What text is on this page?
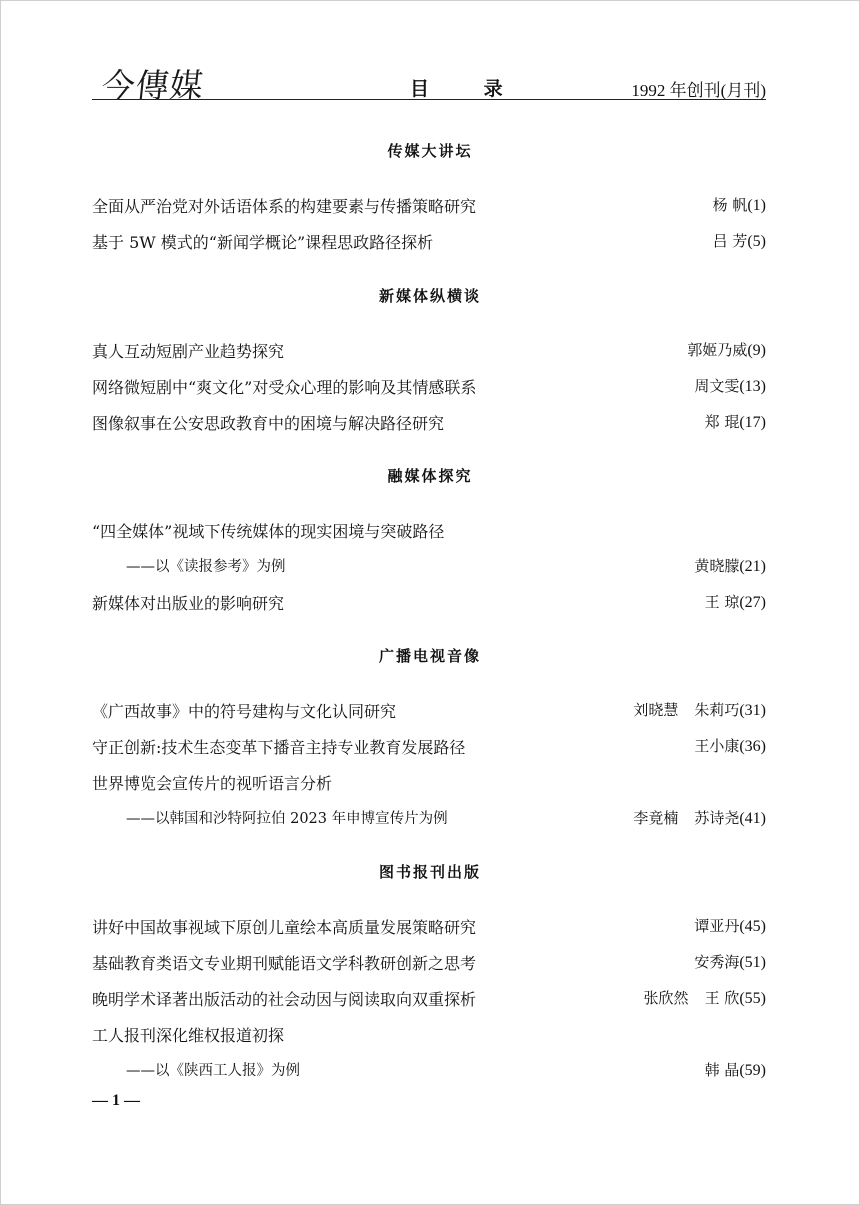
今傳媒	目 录	1992 年创刊(月刊)
传媒大讲坛
全面从严治党对外话语体系的构建要素与传播策略研究	杨 帆(1)
基于 5W 模式的“新闻学概论”课程思政路径探析	吕 芳(5)
新媒体纵横谈
真人互动短剧产业趋势探究	郭姬乃威(9)
网络微短剧中“爽文化”对受众心理的影响及其情感联系	周文雯(13)
图像叙事在公安思政教育中的困境与解决路径研究	郑 琨(17)
融媒体探究
“四全媒体”视域下传统媒体的现实困境与突破路径
——以《读报参考》为例	黄晓朦(21)
新媒体对出版业的影响研究	王 琼(27)
广播电视音像
《广西故事》中的符号建构与文化认同研究	刘晓慧 朱莉巧(31)
守正创新:技术生态变革下播音主持专业教育发展路径	王小康(36)
世界博览会宣传片的视听语言分析
——以韩国和沙特阿拉伯 2023 年申博宣传片为例	李竟楠 苏诗尧(41)
图书报刊出版
讲好中国故事视域下原创儿童绘本高质量发展策略研究	谭亚丹(45)
基础教育类语文专业期刊赋能语文学科教研创新之思考	安秀海(51)
晚明学术译著出版活动的社会动因与阅读取向双重探析	张欣然 王 欣(55)
工人报刊深化维权报道初探
——以《陕西工人报》为例	韩 晶(59)
— 1 —
